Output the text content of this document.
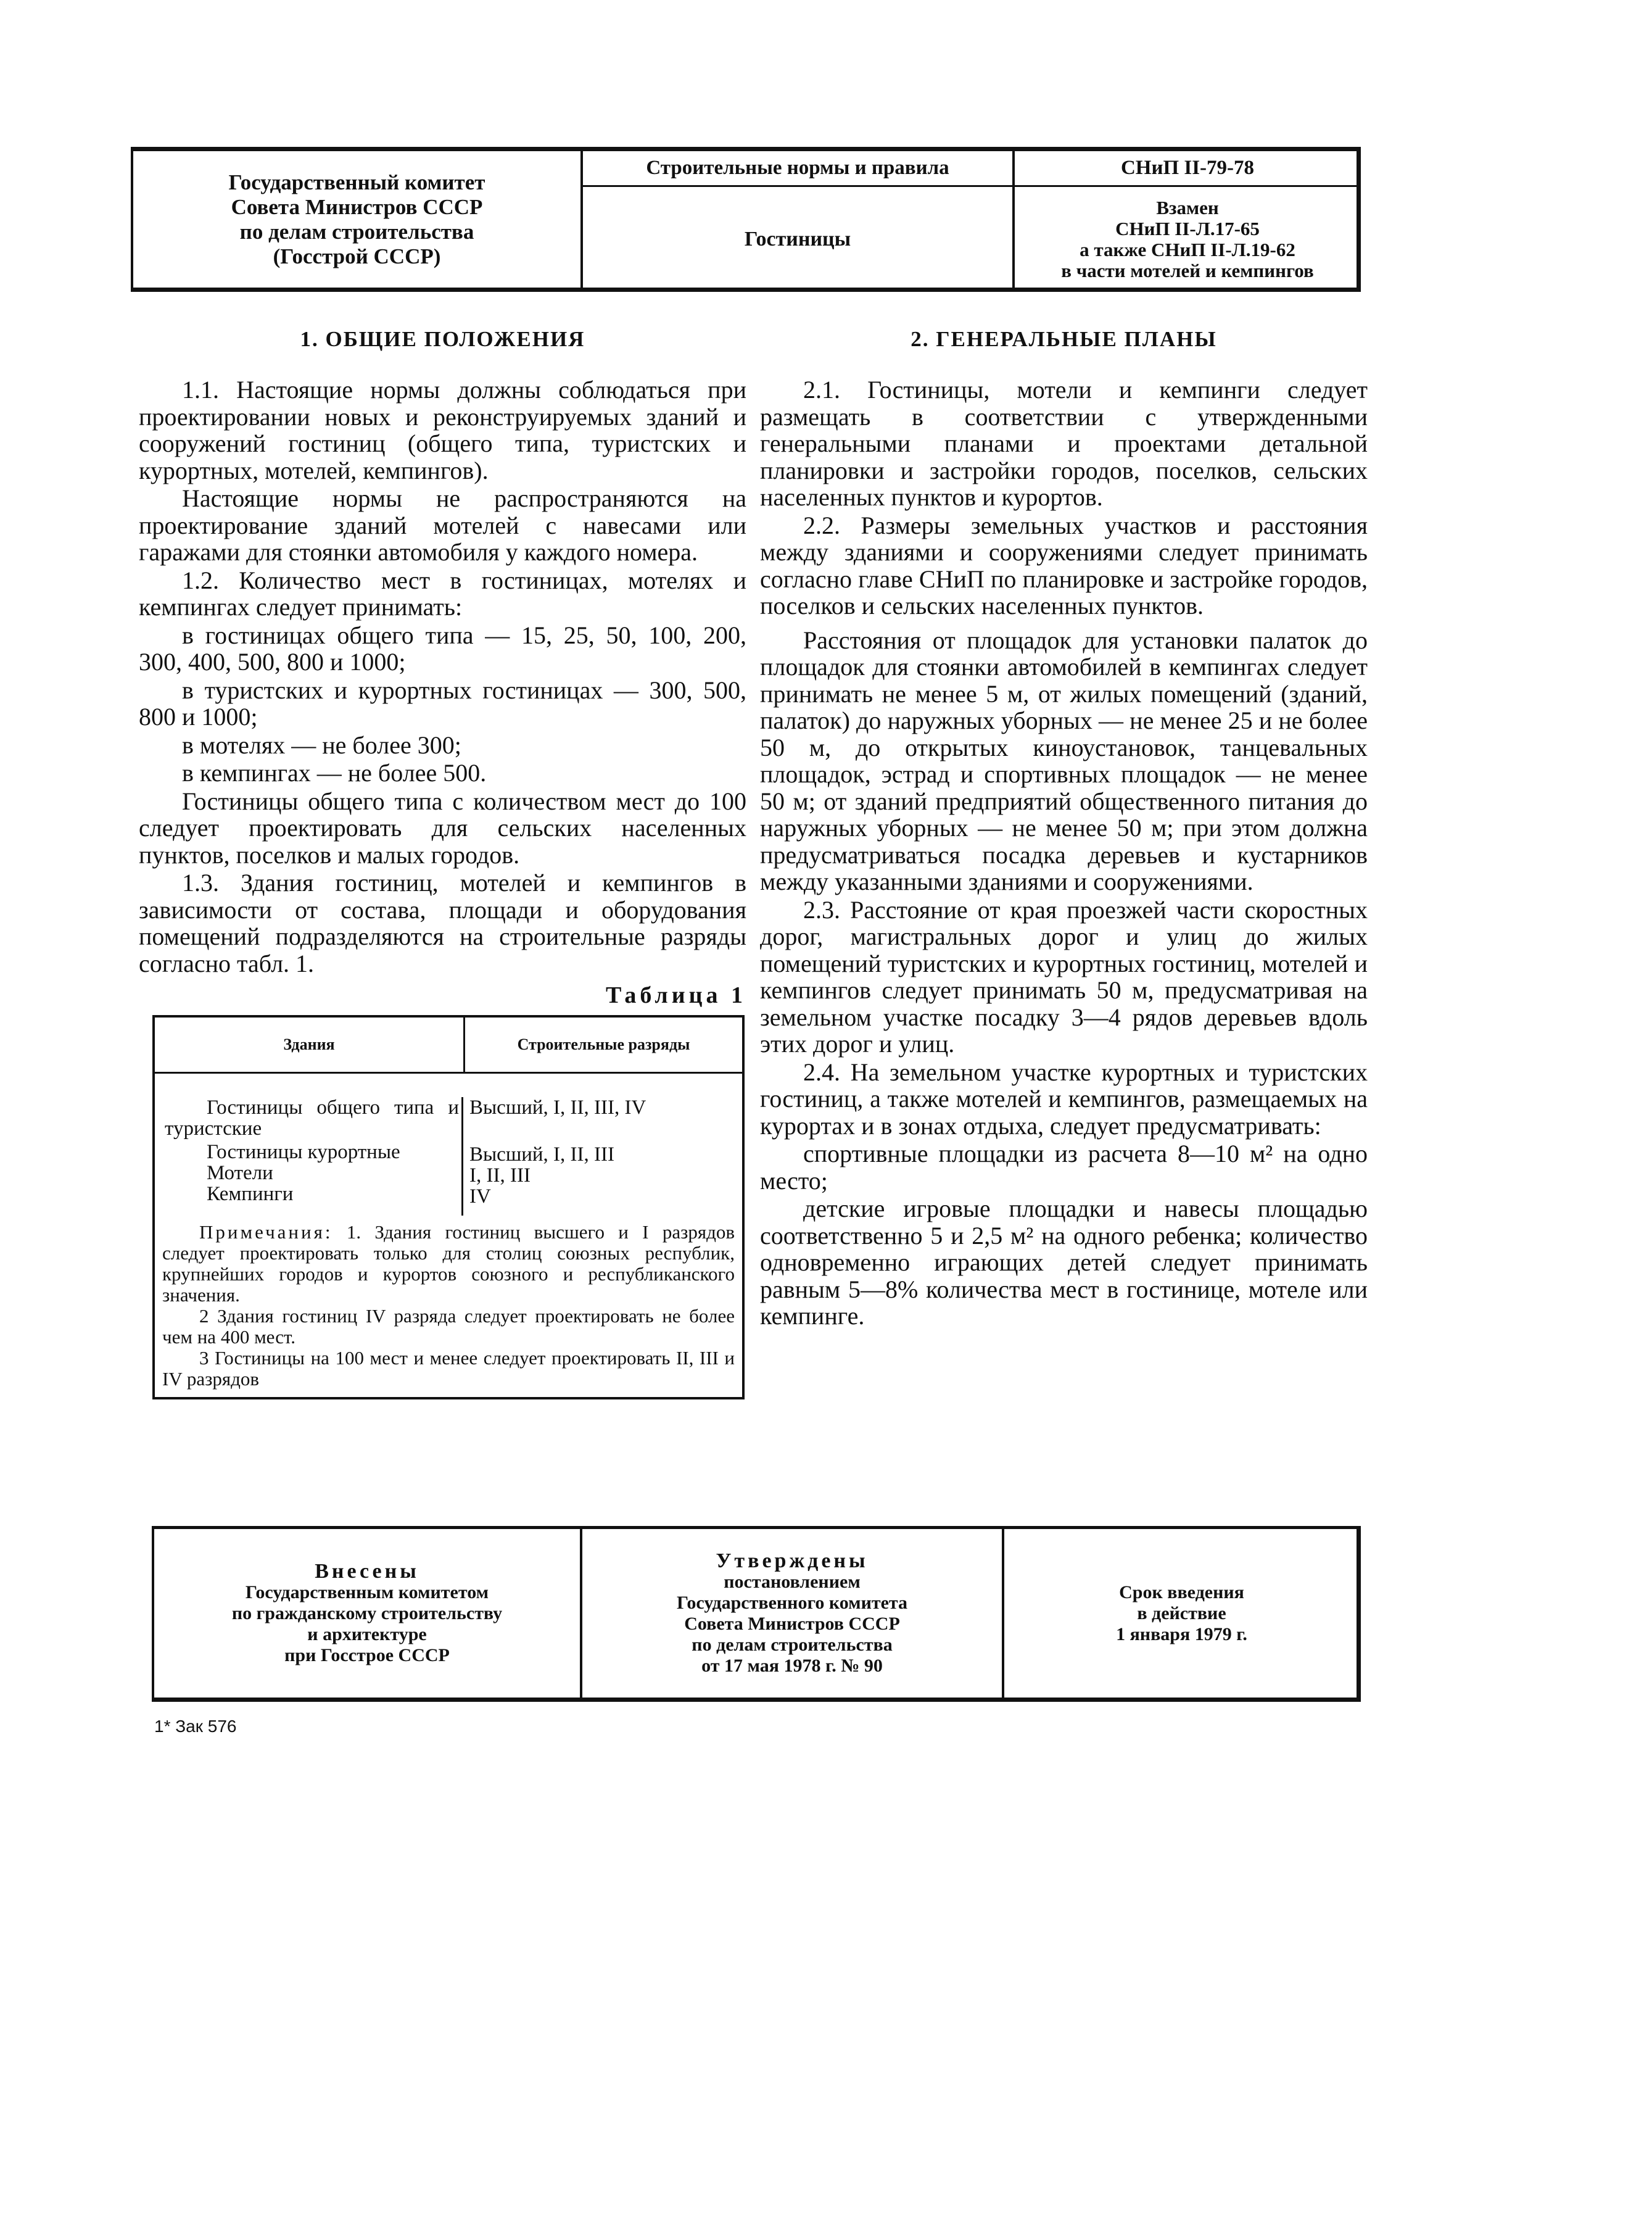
Государственный комитет
Совета Министров СССР
по делам строительства
(Госстрой СССР)
Строительные нормы и правила
Гостиницы
СНиП II-79-78
Взамен
СНиП II-Л.17-65
а также СНиП II-Л.19-62
в части мотелей и кемпингов
1. ОБЩИЕ ПОЛОЖЕНИЯ

1.1. Настоящие нормы должны соблюдаться при проектировании новых и реконструируемых зданий и сооружений гостиниц (общего типа, туристских и курортных, мотелей, кемпингов).

Настоящие нормы не распространяются на проектирование зданий мотелей с навесами или гаражами для стоянки автомобиля у каждого номера.

1.2. Количество мест в гостиницах, мотелях и кемпингах следует принимать:

в гостиницах общего типа — 15, 25, 50, 100, 200, 300, 400, 500, 800 и 1000;

в туристских и курортных гостиницах — 300, 500, 800 и 1000;

в мотелях — не более 300;

в кемпингах — не более 500.

Гостиницы общего типа с количеством мест до 100 следует проектировать для сельских населенных пунктов, поселков и малых городов.

1.3. Здания гостиниц, мотелей и кемпингов в зависимости от состава, площади и оборудования помещений подразделяются на строительные разряды согласно табл. 1.

Таблица 1
Здания	Строительные разряды
Гостиницы общего типа и туристские
Гостиницы курортные
Мотели
Кемпинги
Высший, I, II, III, IV
Высший, I, II, III
I, II, III
IV
Примечания: 1. Здания гостиниц высшего и I разрядов следует проектировать только для столиц союзных республик, крупнейших городов и курортов союзного и республиканского значения.
2 Здания гостиниц IV разряда следует проектировать не более чем на 400 мест.
3 Гостиницы на 100 мест и менее следует проектировать II, III и IV разрядов
2. ГЕНЕРАЛЬНЫЕ ПЛАНЫ

2.1. Гостиницы, мотели и кемпинги следует размещать в соответствии с утвержденными генеральными планами и проектами детальной планировки и застройки городов, поселков, сельских населенных пунктов и курортов.

2.2. Размеры земельных участков и расстояния между зданиями и сооружениями следует принимать согласно главе СНиП по планировке и застройке городов, поселков и сельских населенных пунктов.

Расстояния от площадок для установки палаток до площадок для стоянки автомобилей в кемпингах следует принимать не менее 5 м, от жилых помещений (зданий, палаток) до наружных уборных — не менее 25 и не более 50 м, до открытых киноустановок, танцевальных площадок, эстрад и спортивных площадок — не менее 50 м; от зданий предприятий общественного питания до наружных уборных — не менее 50 м; при этом должна предусматриваться посадка деревьев и кустарников между указанными зданиями и сооружениями.

2.3. Расстояние от края проезжей части скоростных дорог, магистральных дорог и улиц до жилых помещений туристских и курортных гостиниц, мотелей и кемпингов следует принимать 50 м, предусматривая на земельном участке посадку 3—4 рядов деревьев вдоль этих дорог и улиц.

2.4. На земельном участке курортных и туристских гостиниц, а также мотелей и кемпингов, размещаемых на курортах и в зонах отдыха, следует предусматривать:

спортивные площадки из расчета 8—10 м² на одно место;

детские игровые площадки и навесы площадью соответственно 5 и 2,5 м² на одного ребенка; количество одновременно играющих детей следует принимать равным 5—8% количества мест в гостинице, мотеле или кемпинге.

Внесены
Государственным комитетом
по гражданскому строительству
и архитектуре
при Госстрое СССР
Утверждены
постановлением
Государственного комитета
Совета Министров СССР
по делам строительства
от 17 мая 1978 г. № 90
Срок введения
в действие
1 января 1979 г.
1* Зак 576
